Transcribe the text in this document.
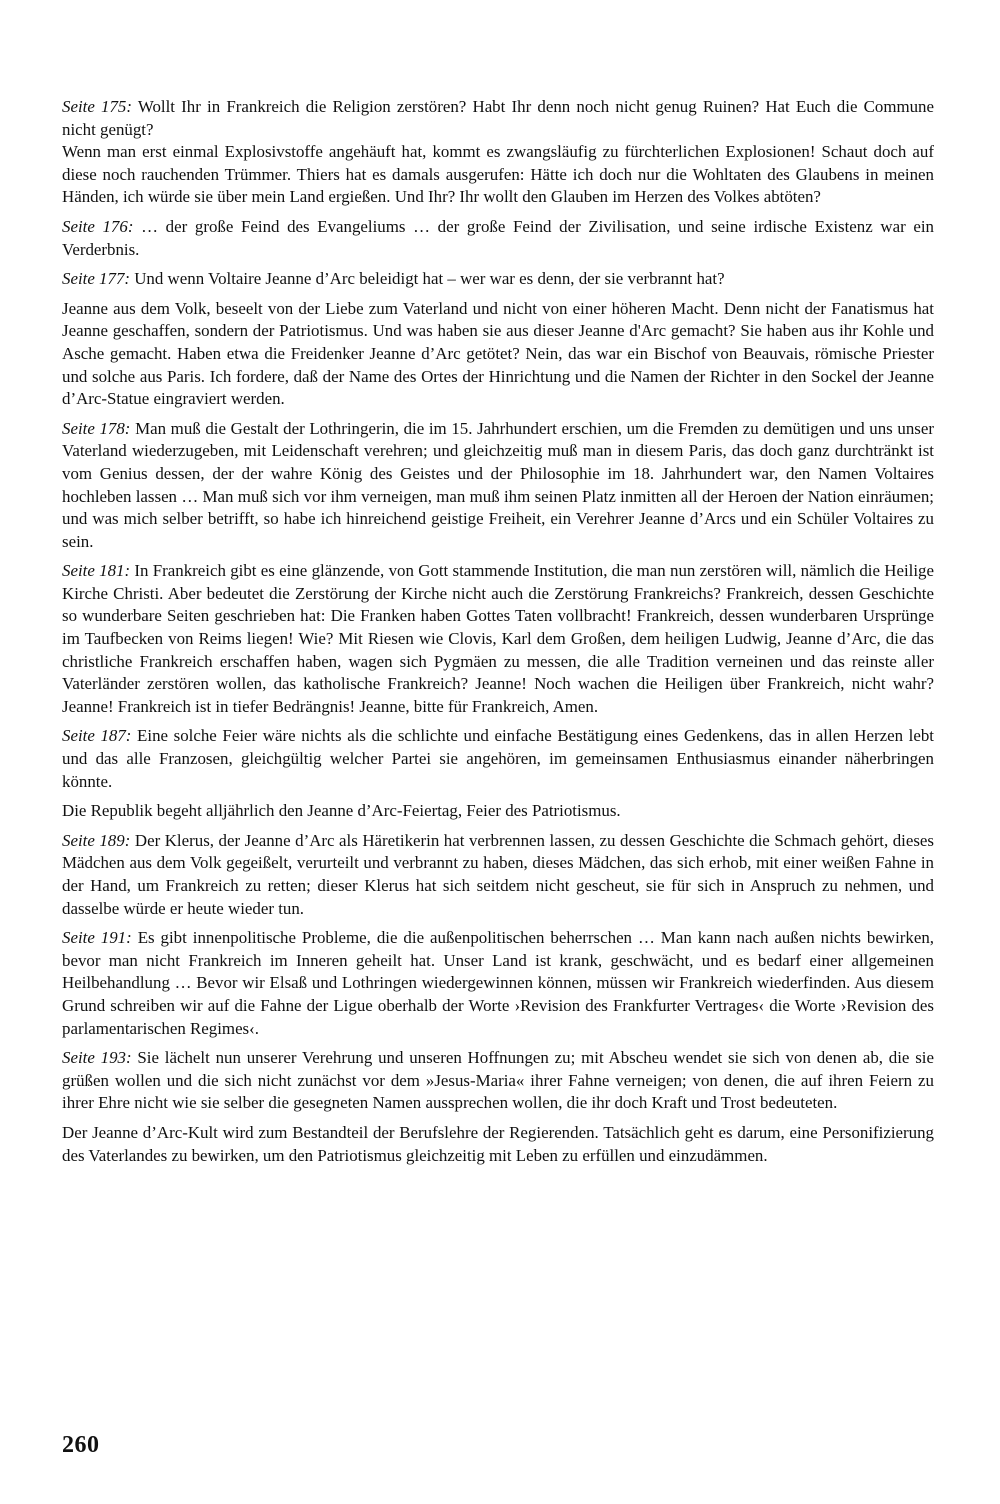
Seite 175: Wollt Ihr in Frankreich die Religion zerstören? Habt Ihr denn noch nicht genug Ruinen? Hat Euch die Commune nicht genügt?

Wenn man erst einmal Explosivstoffe angehäuft hat, kommt es zwangsläufig zu fürchterlichen Explosionen! Schaut doch auf diese noch rauchenden Trümmer. Thiers hat es damals ausgerufen: Hätte ich doch nur die Wohltaten des Glaubens in meinen Händen, ich würde sie über mein Land ergießen. Und Ihr? Ihr wollt den Glauben im Herzen des Volkes abtöten?

Seite 176: … der große Feind des Evangeliums … der große Feind der Zivilisation, und seine irdische Existenz war ein Verderbnis.

Seite 177: Und wenn Voltaire Jeanne d’Arc beleidigt hat – wer war es denn, der sie verbrannt hat?

Jeanne aus dem Volk, beseelt von der Liebe zum Vaterland und nicht von einer höheren Macht. Denn nicht der Fanatismus hat Jeanne geschaffen, sondern der Patriotismus. Und was haben sie aus dieser Jeanne d'Arc gemacht? Sie haben aus ihr Kohle und Asche gemacht. Haben etwa die Freidenker Jeanne d’Arc getötet? Nein, das war ein Bischof von Beauvais, römische Priester und solche aus Paris. Ich fordere, daß der Name des Ortes der Hinrichtung und die Namen der Richter in den Sockel der Jeanne d’Arc-Statue eingraviert werden.

Seite 178: Man muß die Gestalt der Lothringerin, die im 15. Jahrhundert erschien, um die Fremden zu demütigen und uns unser Vaterland wiederzugeben, mit Leidenschaft verehren; und gleichzeitig muß man in diesem Paris, das doch ganz durchtränkt ist vom Genius dessen, der der wahre König des Geistes und der Philosophie im 18. Jahrhundert war, den Namen Voltaires hochleben lassen … Man muß sich vor ihm verneigen, man muß ihm seinen Platz inmitten all der Heroen der Nation einräumen; und was mich selber betrifft, so habe ich hinreichend geistige Freiheit, ein Verehrer Jeanne d’Arcs und ein Schüler Voltaires zu sein.

Seite 181: In Frankreich gibt es eine glänzende, von Gott stammende Institution, die man nun zerstören will, nämlich die Heilige Kirche Christi. Aber bedeutet die Zerstörung der Kirche nicht auch die Zerstörung Frankreichs? Frankreich, dessen Geschichte so wunderbare Seiten geschrieben hat: Die Franken haben Gottes Taten vollbracht! Frankreich, dessen wunderbaren Ursprünge im Taufbecken von Reims liegen! Wie? Mit Riesen wie Clovis, Karl dem Großen, dem heiligen Ludwig, Jeanne d’Arc, die das christliche Frankreich erschaffen haben, wagen sich Pygmäen zu messen, die alle Tradition verneinen und das reinste aller Vaterländer zerstören wollen, das katholische Frankreich? Jeanne! Noch wachen die Heiligen über Frankreich, nicht wahr? Jeanne! Frankreich ist in tiefer Bedrängnis! Jeanne, bitte für Frankreich, Amen.

Seite 187: Eine solche Feier wäre nichts als die schlichte und einfache Bestätigung eines Gedenkens, das in allen Herzen lebt und das alle Franzosen, gleichgültig welcher Partei sie angehören, im gemeinsamen Enthusiasmus einander näherbringen könnte.

Die Republik begeht alljährlich den Jeanne d’Arc-Feiertag, Feier des Patriotismus.

Seite 189: Der Klerus, der Jeanne d’Arc als Häretikerin hat verbrennen lassen, zu dessen Geschichte die Schmach gehört, dieses Mädchen aus dem Volk gegeißelt, verurteilt und verbrannt zu haben, dieses Mädchen, das sich erhob, mit einer weißen Fahne in der Hand, um Frankreich zu retten; dieser Klerus hat sich seitdem nicht gescheut, sie für sich in Anspruch zu nehmen, und dasselbe würde er heute wieder tun.

Seite 191: Es gibt innenpolitische Probleme, die die außenpolitischen beherrschen … Man kann nach außen nichts bewirken, bevor man nicht Frankreich im Inneren geheilt hat. Unser Land ist krank, geschwächt, und es bedarf einer allgemeinen Heilbehandlung … Bevor wir Elsaß und Lothringen wiedergewinnen können, müssen wir Frankreich wiederfinden. Aus diesem Grund schreiben wir auf die Fahne der Ligue oberhalb der Worte ›Revision des Frankfurter Vertrages‹ die Worte ›Revision des parlamentarischen Regimes‹.

Seite 193: Sie lächelt nun unserer Verehrung und unseren Hoffnungen zu; mit Abscheu wendet sie sich von denen ab, die sie grüßen wollen und die sich nicht zunächst vor dem »Jesus-Maria« ihrer Fahne verneigen; von denen, die auf ihren Feiern zu ihrer Ehre nicht wie sie selber die gesegneten Namen aussprechen wollen, die ihr doch Kraft und Trost bedeuteten.

Der Jeanne d’Arc-Kult wird zum Bestandteil der Berufslehre der Regierenden. Tatsächlich geht es darum, eine Personifizierung des Vaterlandes zu bewirken, um den Patriotismus gleichzeitig mit Leben zu erfüllen und einzudämmen.

260
